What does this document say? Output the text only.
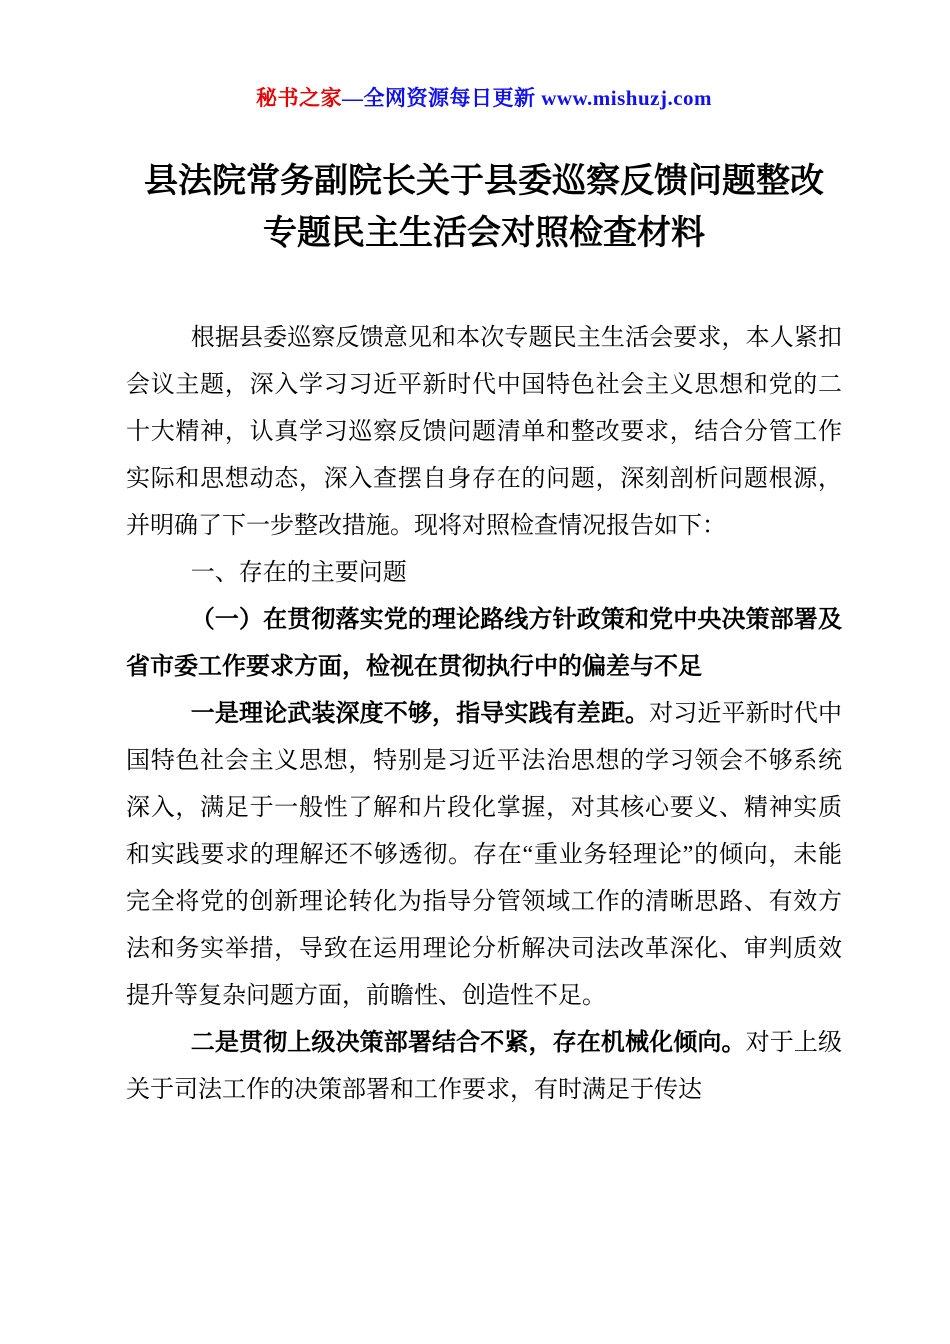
秘书之家—全网资源每日更新 www.mishuzj.com
县法院常务副院长关于县委巡察反馈问题整改
专题民主生活会对照检查材料

根据县委巡察反馈意见和本次专题民主生活会要求，本人紧扣会议主题，深入学习习近平新时代中国特色社会主义思想和党的二十大精神，认真学习巡察反馈问题清单和整改要求，结合分管工作实际和思想动态，深入查摆自身存在的问题，深刻剖析问题根源，并明确了下一步整改措施。现将对照检查情况报告如下：

一、存在的主要问题

（一）在贯彻落实党的理论路线方针政策和党中央决策部署及省市委工作要求方面，检视在贯彻执行中的偏差与不足

一是理论武装深度不够，指导实践有差距。对习近平新时代中国特色社会主义思想，特别是习近平法治思想的学习领会不够系统深入，满足于一般性了解和片段化掌握，对其核心要义、精神实质和实践要求的理解还不够透彻。存在“重业务轻理论”的倾向，未能完全将党的创新理论转化为指导分管领域工作的清晰思路、有效方法和务实举措，导致在运用理论分析解决司法改革深化、审判质效提升等复杂问题方面，前瞻性、创造性不足。

二是贯彻上级决策部署结合不紧，存在机械化倾向。对于上级关于司法工作的决策部署和工作要求，有时满足于传达
